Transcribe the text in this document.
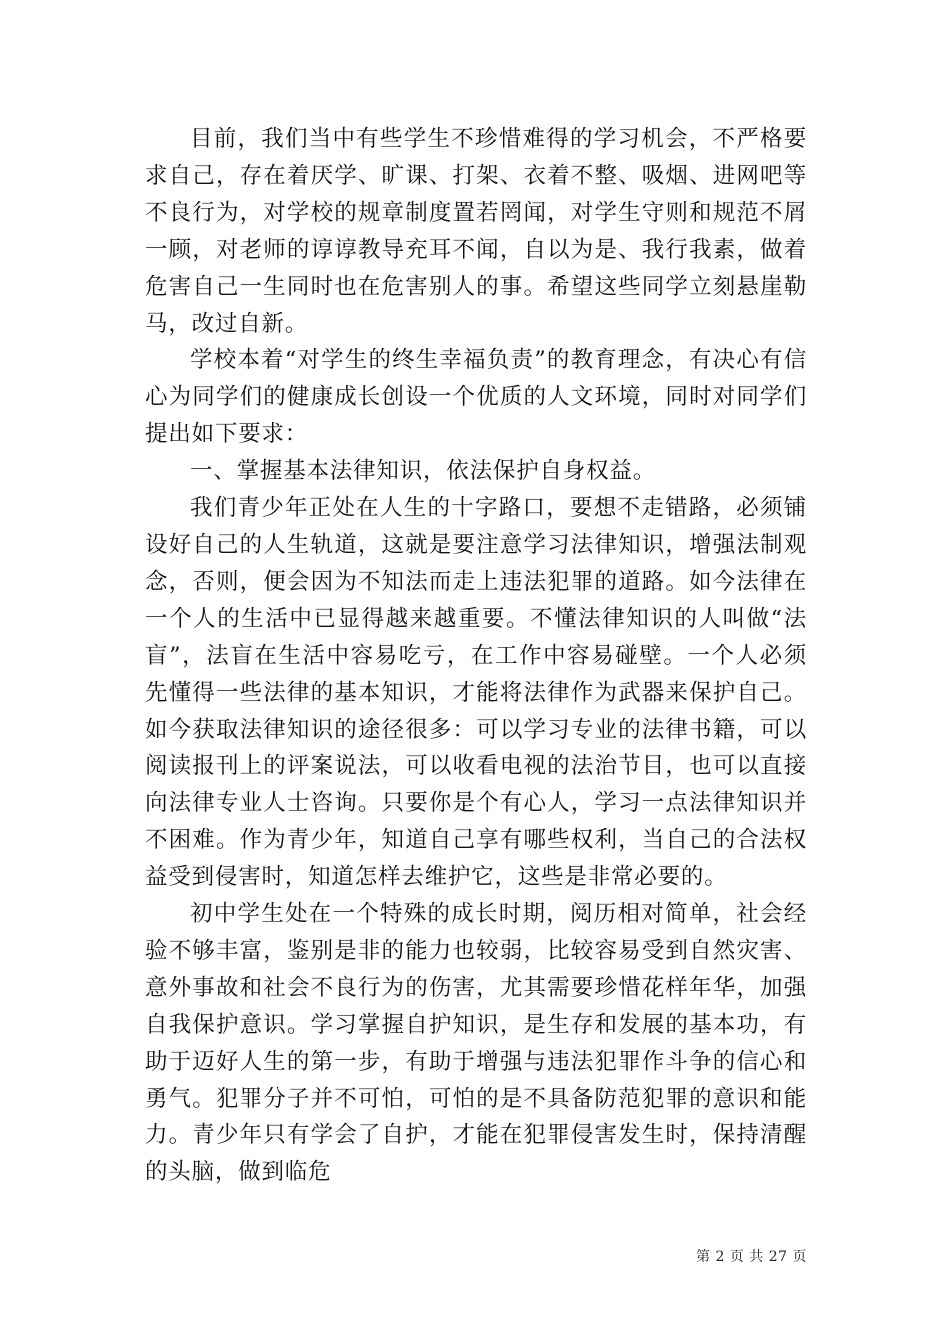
目前，我们当中有些学生不珍惜难得的学习机会，不严格要求自己，存在着厌学、旷课、打架、衣着不整、吸烟、进网吧等不良行为，对学校的规章制度置若罔闻，对学生守则和规范不屑一顾，对老师的谆谆教导充耳不闻，自以为是、我行我素，做着危害自己一生同时也在危害别人的事。希望这些同学立刻悬崖勒马，改过自新。

学校本着“对学生的终生幸福负责”的教育理念，有决心有信心为同学们的健康成长创设一个优质的人文环境，同时对同学们提出如下要求：

一、掌握基本法律知识，依法保护自身权益。

我们青少年正处在人生的十字路口，要想不走错路，必须铺设好自己的人生轨道，这就是要注意学习法律知识，增强法制观念，否则，便会因为不知法而走上违法犯罪的道路。如今法律在一个人的生活中已显得越来越重要。不懂法律知识的人叫做“法盲”，法盲在生活中容易吃亏，在工作中容易碰壁。一个人必须先懂得一些法律的基本知识，才能将法律作为武器来保护自己。如今获取法律知识的途径很多：可以学习专业的法律书籍，可以阅读报刊上的评案说法，可以收看电视的法治节目，也可以直接向法律专业人士咨询。只要你是个有心人，学习一点法律知识并不困难。作为青少年，知道自己享有哪些权利，当自己的合法权益受到侵害时，知道怎样去维护它，这些是非常必要的。

初中学生处在一个特殊的成长时期，阅历相对简单，社会经验不够丰富，鉴别是非的能力也较弱，比较容易受到自然灾害、意外事故和社会不良行为的伤害，尤其需要珍惜花样年华，加强自我保护意识。学习掌握自护知识，是生存和发展的基本功，有助于迈好人生的第一步，有助于增强与违法犯罪作斗争的信心和勇气。犯罪分子并不可怕，可怕的是不具备防范犯罪的意识和能力。青少年只有学会了自护，才能在犯罪侵害发生时，保持清醒的头脑，做到临危

第 2 页 共 27 页
